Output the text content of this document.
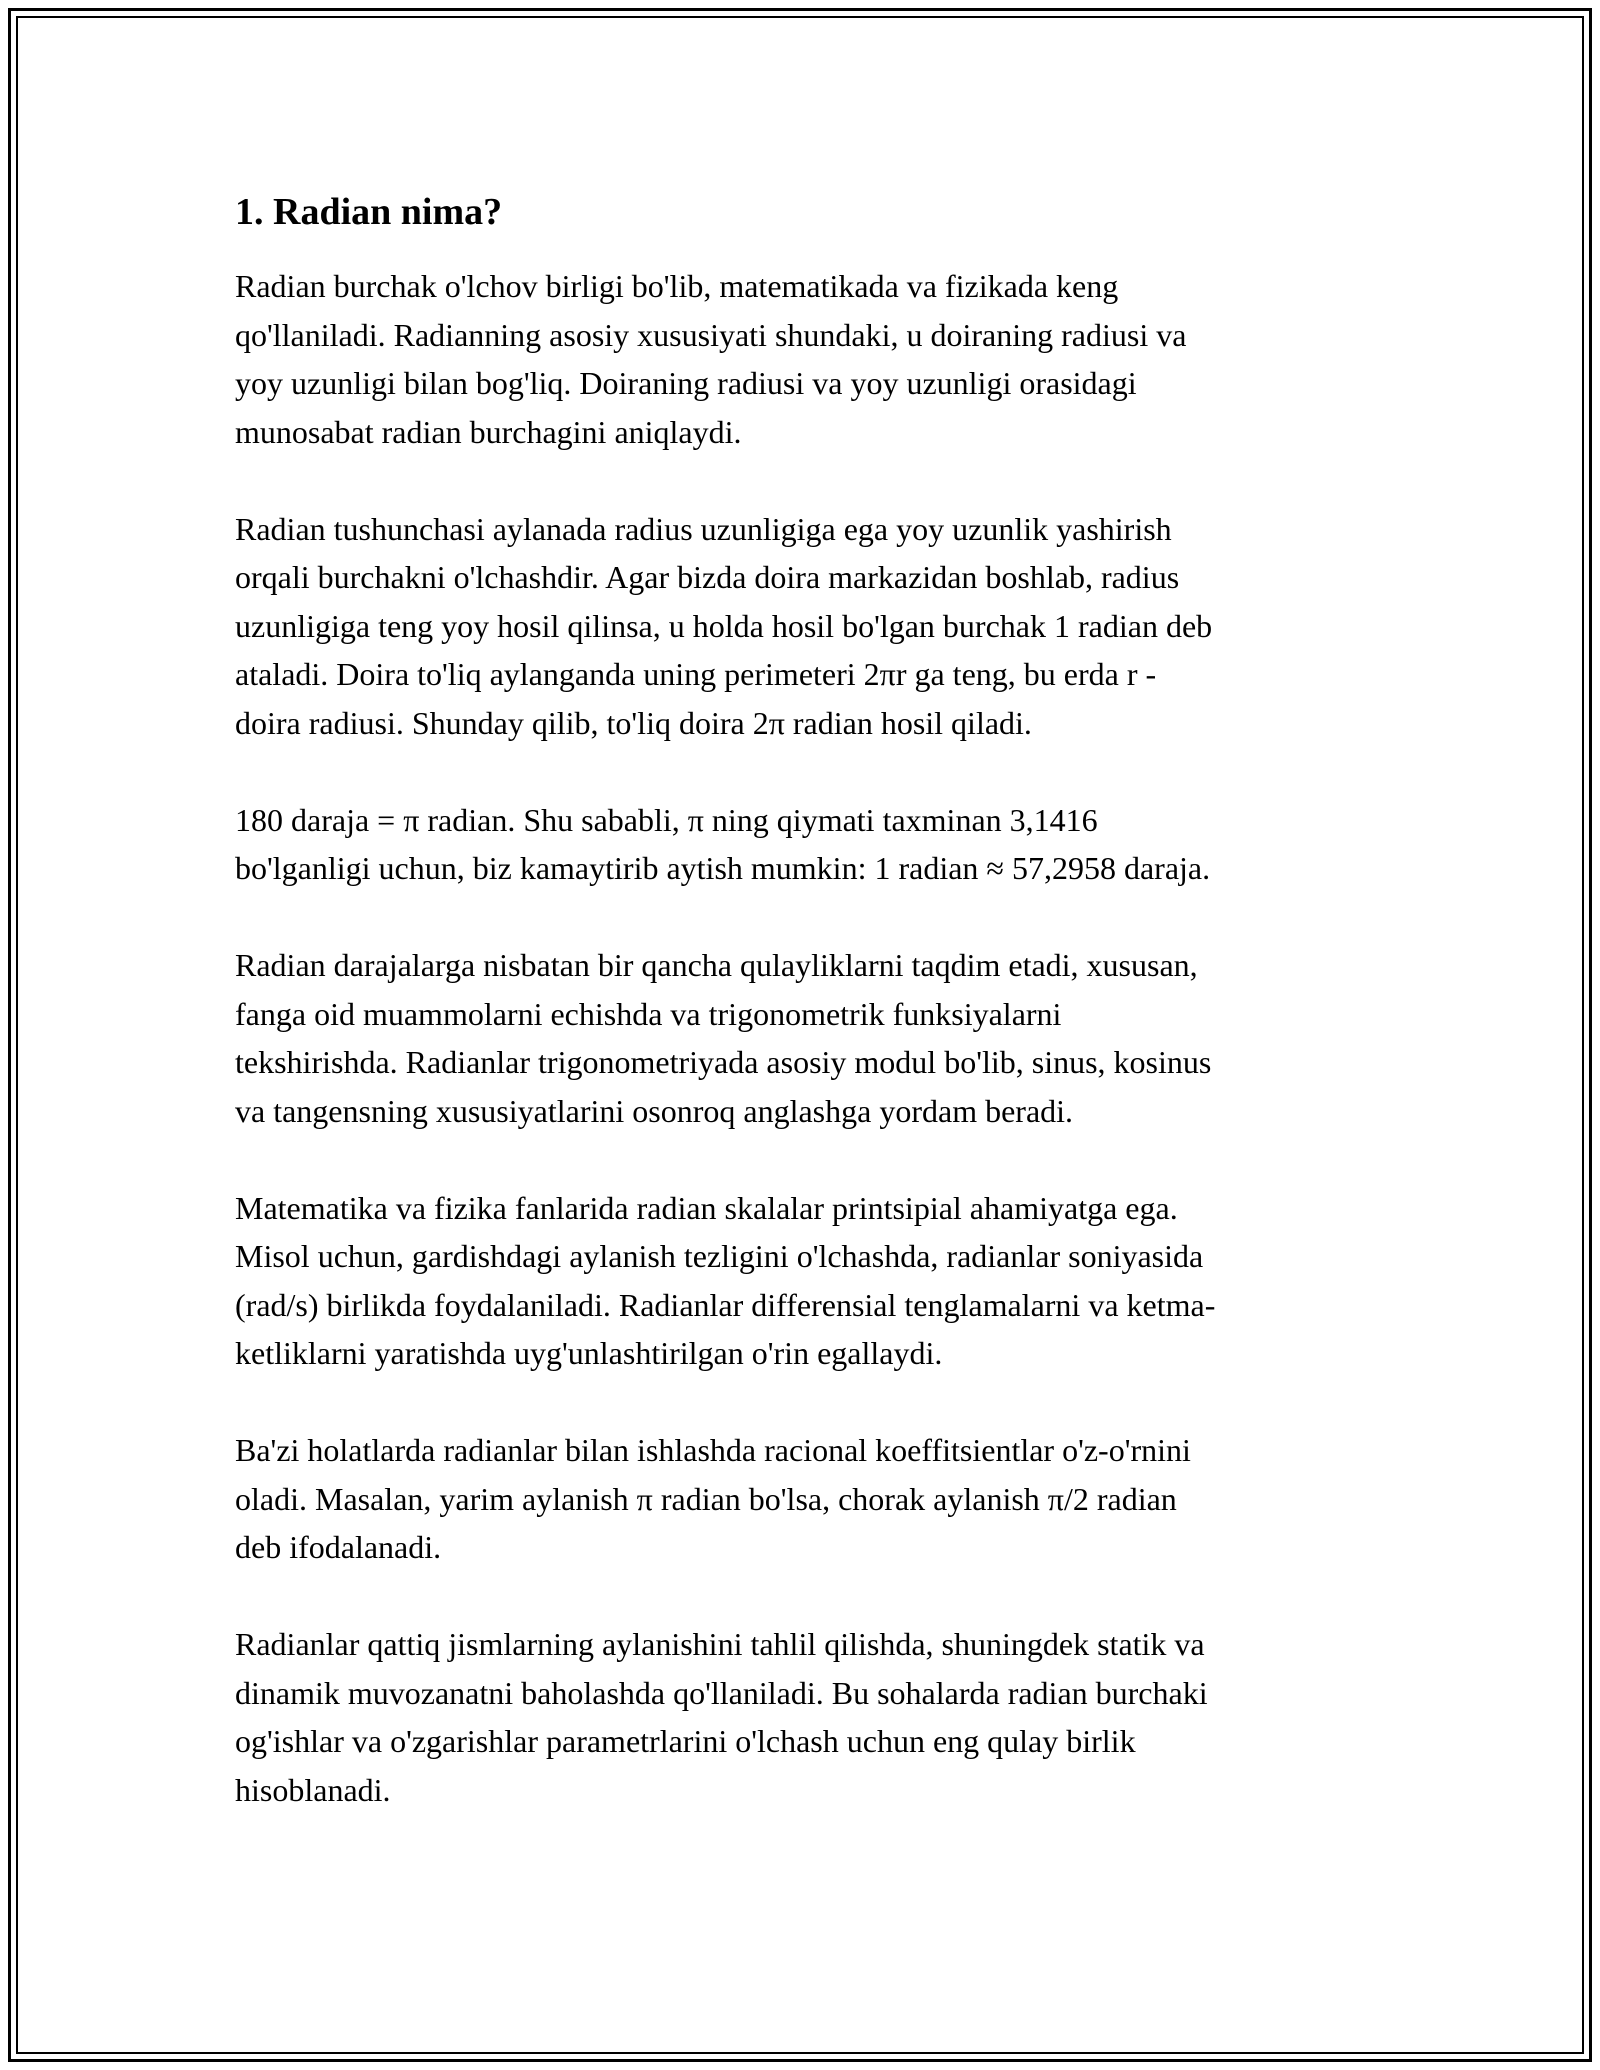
1. Radian nima?

Radian burchak o'lchov birligi bo'lib, matematikada va fizikada keng
qo'llaniladi. Radianning asosiy xususiyati shundaki, u doiraning radiusi va
yoy uzunligi bilan bog'liq. Doiraning radiusi va yoy uzunligi orasidagi
munosabat radian burchagini aniqlaydi.

Radian tushunchasi aylanada radius uzunligiga ega yoy uzunlik yashirish
orqali burchakni o'lchashdir. Agar bizda doira markazidan boshlab, radius
uzunligiga teng yoy hosil qilinsa, u holda hosil bo'lgan burchak 1 radian deb
ataladi. Doira to'liq aylanganda uning perimeteri 2πr ga teng, bu erda r -
doira radiusi. Shunday qilib, to'liq doira 2π radian hosil qiladi.

180 daraja = π radian. Shu sababli, π ning qiymati taxminan 3,1416
bo'lganligi uchun, biz kamaytirib aytish mumkin: 1 radian ≈ 57,2958 daraja.

Radian darajalarga nisbatan bir qancha qulayliklarni taqdim etadi, xususan,
fanga oid muammolarni echishda va trigonometrik funksiyalarni
tekshirishda. Radianlar trigonometriyada asosiy modul bo'lib, sinus, kosinus
va tangensning xususiyatlarini osonroq anglashga yordam beradi.

Matematika va fizika fanlarida radian skalalar printsipial ahamiyatga ega.
Misol uchun, gardishdagi aylanish tezligini o'lchashda, radianlar soniyasida
(rad/s) birlikda foydalaniladi. Radianlar differensial tenglamalarni va ketma-
ketliklarni yaratishda uyg'unlashtirilgan o'rin egallaydi.

Ba'zi holatlarda radianlar bilan ishlashda racional koeffitsientlar o'z-o'rnini
oladi. Masalan, yarim aylanish π radian bo'lsa, chorak aylanish π/2 radian
deb ifodalanadi.

Radianlar qattiq jismlarning aylanishini tahlil qilishda, shuningdek statik va
dinamik muvozanatni baholashda qo'llaniladi. Bu sohalarda radian burchaki
og'ishlar va o'zgarishlar parametrlarini o'lchash uchun eng qulay birlik
hisoblanadi.
